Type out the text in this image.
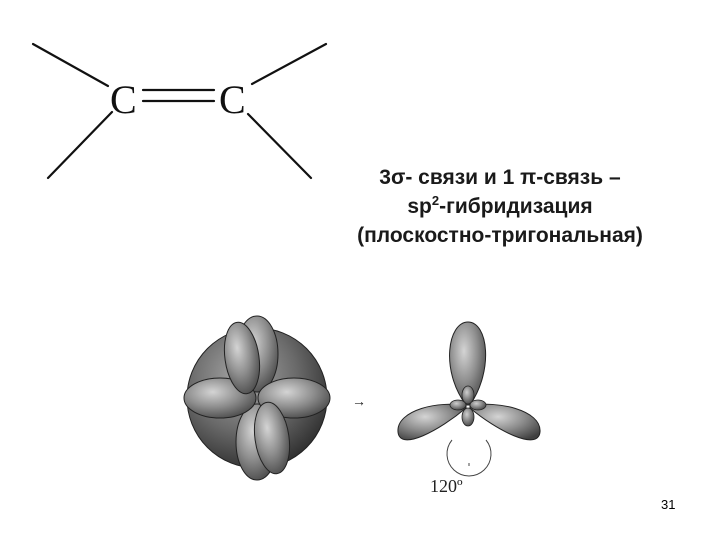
C C
3σ- связи и 1 π-связь –
$sp^2$-гибридизация
(плоскостно-тригональная)
→
120º
31
